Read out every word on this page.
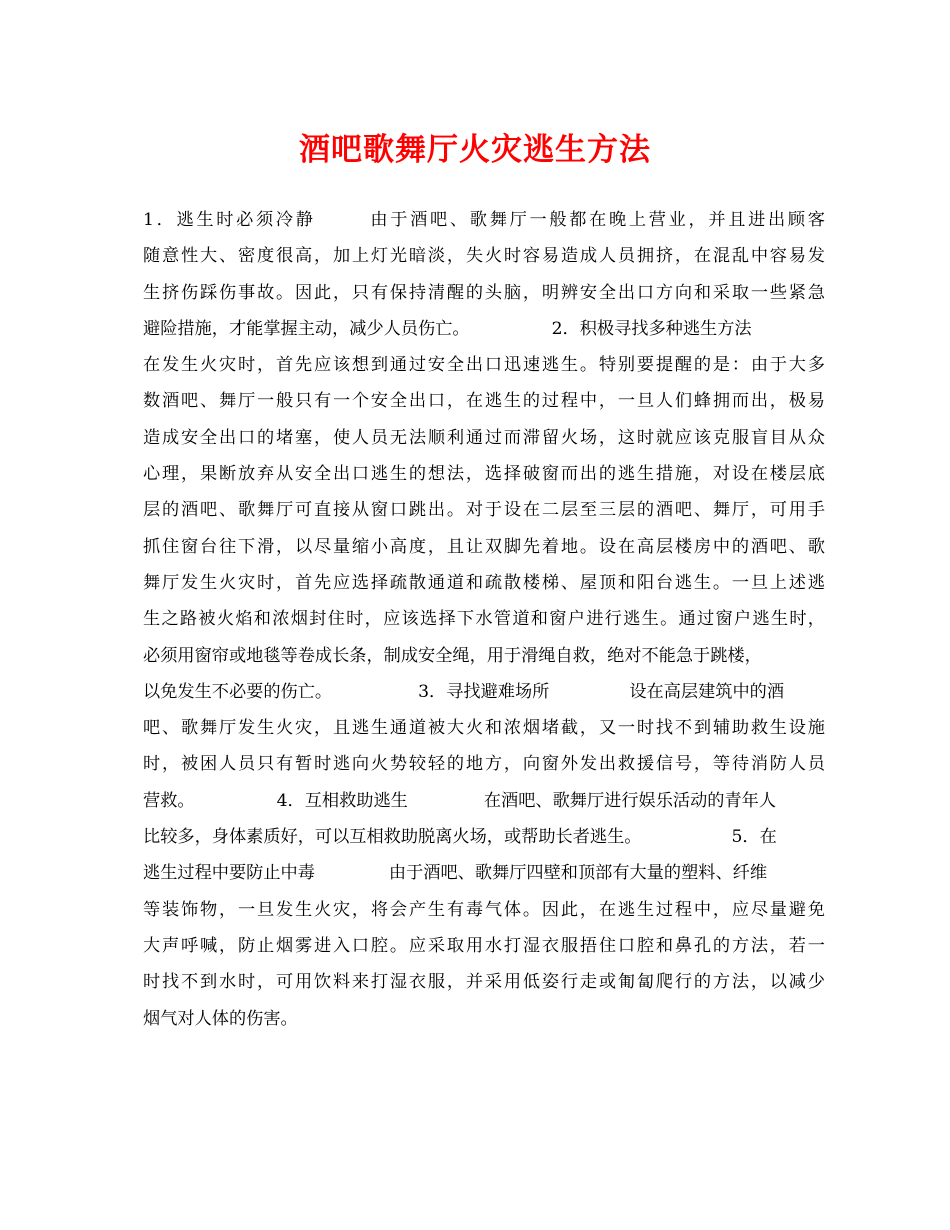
酒吧歌舞厅火灾逃生方法
1．逃生时必须冷静	由于酒吧、歌舞厅一般都在晚上营业，并且进出顾客
随意性大、密度很高，加上灯光暗淡，失火时容易造成人员拥挤，在混乱中容易发
生挤伤踩伤事故。因此，只有保持清醒的头脑，明辨安全出口方向和采取一些紧急
避险措施，才能掌握主动，减少人员伤亡。	2．积极寻找多种逃生方法
在发生火灾时，首先应该想到通过安全出口迅速逃生。特别要提醒的是：由于大多
数酒吧、舞厅一般只有一个安全出口，在逃生的过程中，一旦人们蜂拥而出，极易
造成安全出口的堵塞，使人员无法顺利通过而滞留火场，这时就应该克服盲目从众
心理，果断放弃从安全出口逃生的想法，选择破窗而出的逃生措施，对设在楼层底
层的酒吧、歌舞厅可直接从窗口跳出。对于设在二层至三层的酒吧、舞厅，可用手
抓住窗台往下滑，以尽量缩小高度，且让双脚先着地。设在高层楼房中的酒吧、歌
舞厅发生火灾时，首先应选择疏散通道和疏散楼梯、屋顶和阳台逃生。一旦上述逃
生之路被火焰和浓烟封住时，应该选择下水管道和窗户进行逃生。通过窗户逃生时，
必须用窗帘或地毯等卷成长条，制成安全绳，用于滑绳自救，绝对不能急于跳楼，
以免发生不必要的伤亡。	3．寻找避难场所	设在高层建筑中的酒
吧、歌舞厅发生火灾，且逃生通道被大火和浓烟堵截，又一时找不到辅助救生设施
时，被困人员只有暂时逃向火势较轻的地方，向窗外发出救援信号，等待消防人员
营救。	4．互相救助逃生	在酒吧、歌舞厅进行娱乐活动的青年人
比较多，身体素质好，可以互相救助脱离火场，或帮助长者逃生。	5．在
逃生过程中要防止中毒	由于酒吧、歌舞厅四壁和顶部有大量的塑料、纤维
等装饰物，一旦发生火灾，将会产生有毒气体。因此，在逃生过程中，应尽量避免
大声呼喊，防止烟雾进入口腔。应采取用水打湿衣服捂住口腔和鼻孔的方法，若一
时找不到水时，可用饮料来打湿衣服，并采用低姿行走或匍匐爬行的方法，以减少
烟气对人体的伤害。
